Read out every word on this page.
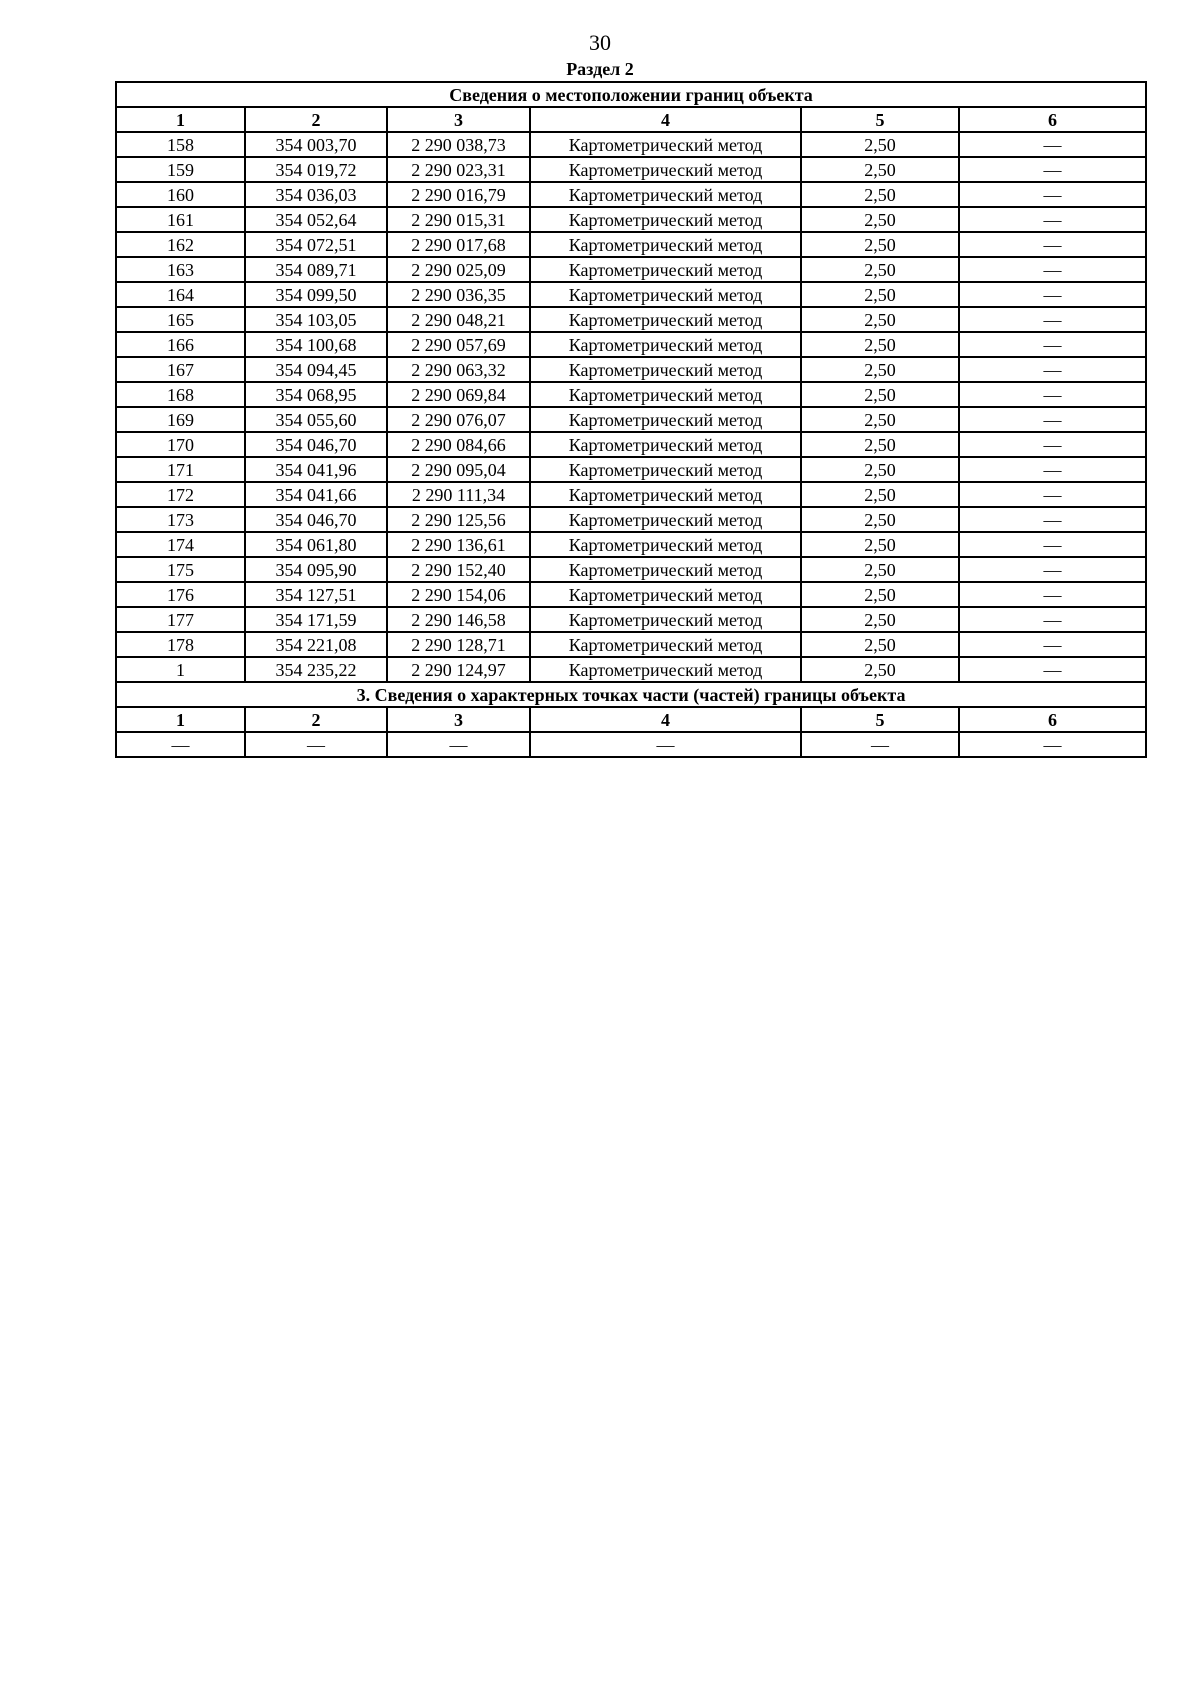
30
Раздел 2
Сведения о местоположении границ объекта					
1	2	3	4	5	6
158	354 003,70	2 290 038,73	Картометрический метод	2,50	—
159	354 019,72	2 290 023,31	Картометрический метод	2,50	—
160	354 036,03	2 290 016,79	Картометрический метод	2,50	—
161	354 052,64	2 290 015,31	Картометрический метод	2,50	—
162	354 072,51	2 290 017,68	Картометрический метод	2,50	—
163	354 089,71	2 290 025,09	Картометрический метод	2,50	—
164	354 099,50	2 290 036,35	Картометрический метод	2,50	—
165	354 103,05	2 290 048,21	Картометрический метод	2,50	—
166	354 100,68	2 290 057,69	Картометрический метод	2,50	—
167	354 094,45	2 290 063,32	Картометрический метод	2,50	—
168	354 068,95	2 290 069,84	Картометрический метод	2,50	—
169	354 055,60	2 290 076,07	Картометрический метод	2,50	—
170	354 046,70	2 290 084,66	Картометрический метод	2,50	—
171	354 041,96	2 290 095,04	Картометрический метод	2,50	—
172	354 041,66	2 290 111,34	Картометрический метод	2,50	—
173	354 046,70	2 290 125,56	Картометрический метод	2,50	—
174	354 061,80	2 290 136,61	Картометрический метод	2,50	—
175	354 095,90	2 290 152,40	Картометрический метод	2,50	—
176	354 127,51	2 290 154,06	Картометрический метод	2,50	—
177	354 171,59	2 290 146,58	Картометрический метод	2,50	—
178	354 221,08	2 290 128,71	Картометрический метод	2,50	—
1	354 235,22	2 290 124,97	Картометрический метод	2,50	—
3. Сведения о характерных точках части (частей) границы объекта					
1	2	3	4	5	6
—	—	—	—	—	—
